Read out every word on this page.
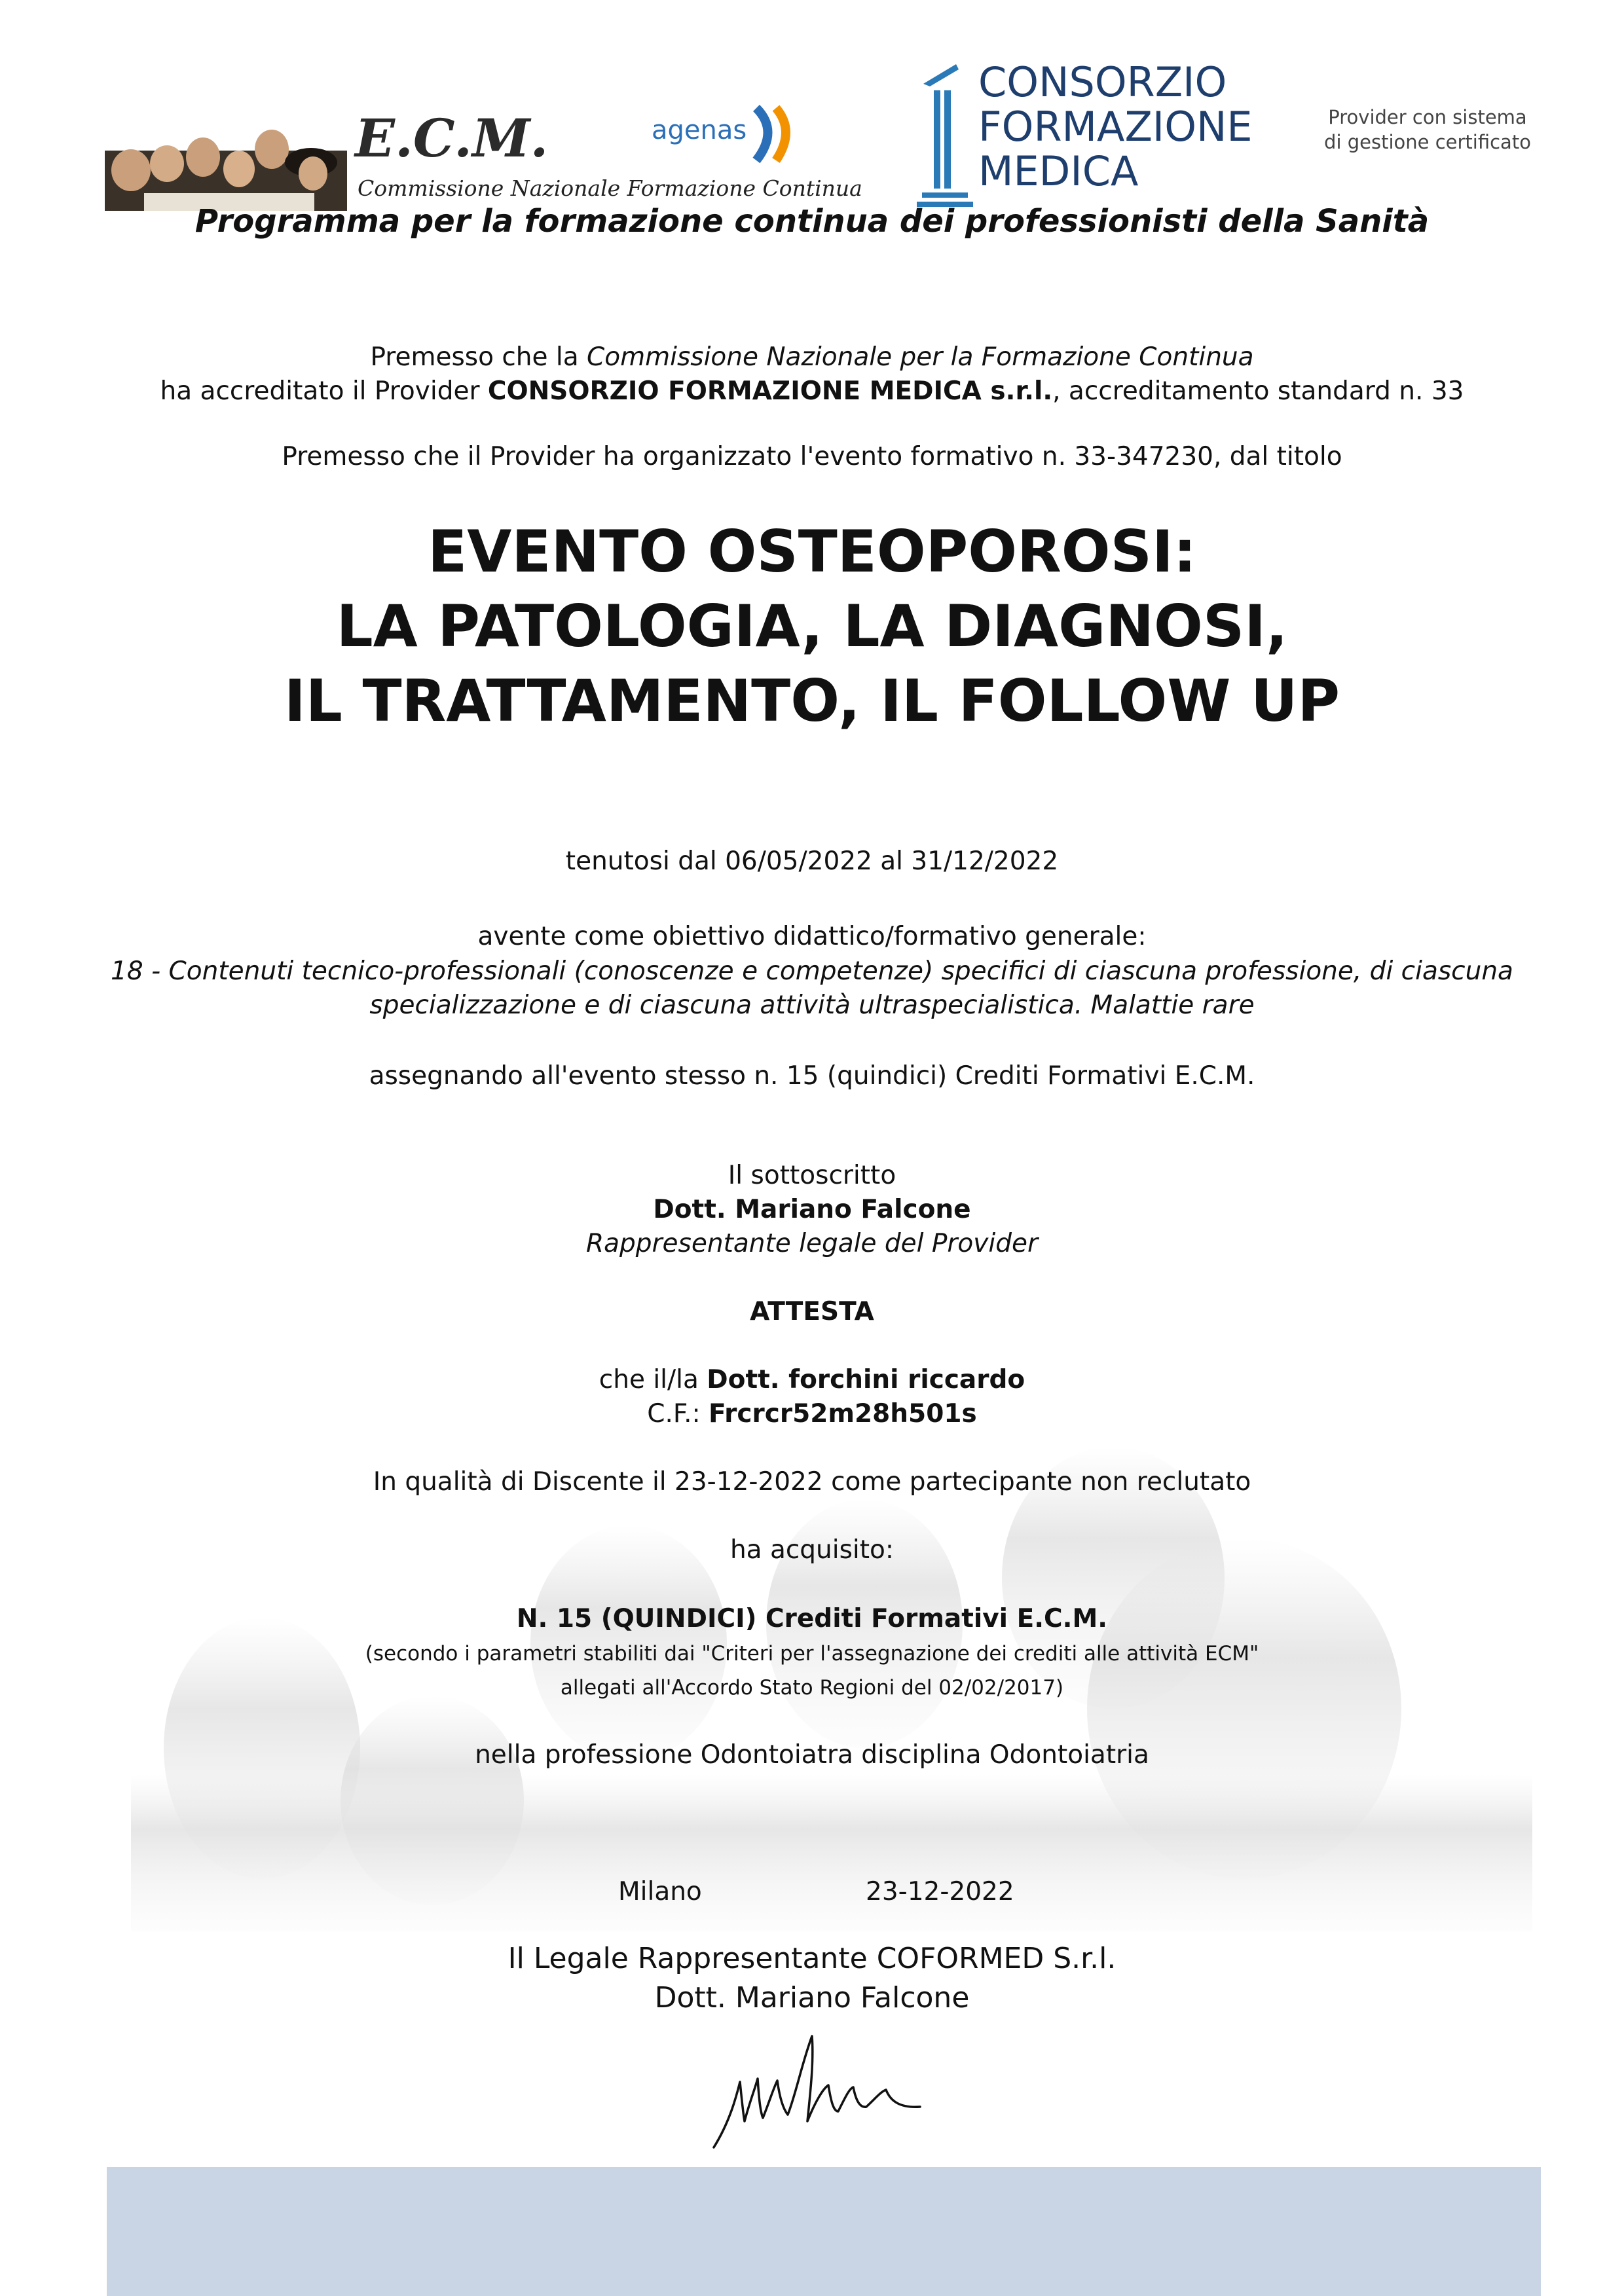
E.C.M.
Commissione Nazionale Formazione Continua
agenas
CONSORZIO
FORMAZIONE
MEDICA
Provider con sistema
di gestione certificato
Programma per la formazione continua dei professionisti della Sanità
Premesso che la Commissione Nazionale per la Formazione Continua
ha accreditato il Provider CONSORZIO FORMAZIONE MEDICA s.r.l., accreditamento standard n. 33
Premesso che il Provider ha organizzato l'evento formativo n. 33-347230, dal titolo
EVENTO OSTEOPOROSI:
LA PATOLOGIA, LA DIAGNOSI,
IL TRATTAMENTO, IL FOLLOW UP
tenutosi dal 06/05/2022 al 31/12/2022
avente come obiettivo didattico/formativo generale:
18 - Contenuti tecnico-professionali (conoscenze e competenze) specifici di ciascuna professione, di ciascuna
specializzazione e di ciascuna attività ultraspecialistica. Malattie rare
assegnando all'evento stesso n. 15 (quindici) Crediti Formativi E.C.M.
Il sottoscritto
Dott. Mariano Falcone
Rappresentante legale del Provider
ATTESTA
che il/la Dott. forchini riccardo
C.F.: Frcrcr52m28h501s
In qualità di Discente il 23-12-2022 come partecipante non reclutato
ha acquisito:
N. 15 (QUINDICI) Crediti Formativi E.C.M.
(secondo i parametri stabiliti dai "Criteri per l'assegnazione dei crediti alle attività ECM"
allegati all'Accordo Stato Regioni del 02/02/2017)
nella professione Odontoiatra disciplina Odontoiatria
Milano	23-12-2022
Il Legale Rappresentante COFORMED S.r.l.
Dott. Mariano Falcone
